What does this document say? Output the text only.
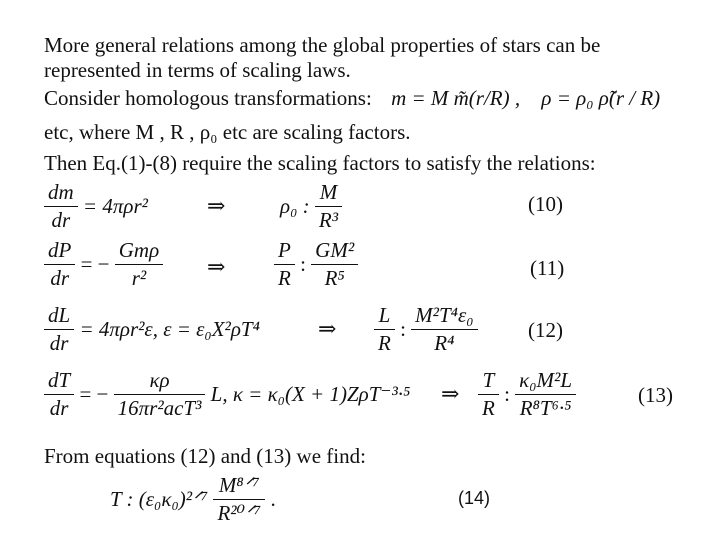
More general relations among the global properties of stars can be represented in terms of scaling laws.
Consider homologous transformations: m = M m̃(r/R) , ρ = ρ₀ ρ̃(r / R)
etc, where M , R , ρ₀ etc are scaling factors.
Then Eq.(1)-(8) require the scaling factors to satisfy the relations:
$\frac{dm}{dr} = 4\pi\rho r^2$	⇒	ρ₀ : $\frac{M}{\text{R³}}$	(10)
$\frac{dP}{dr}$ = − $\frac{\text{Gmρ}}{\text{r²}}$ ⇒ $\frac{P}{R}$ : $\frac{\text{GM²}}{\text{R⁵}}$	(11)
$\frac{dL}{dr} = 4\pi\rho r^2\varepsilon$, ε = ε₀X²ρT⁴	⇒ $\frac{L}{R}$ : $\frac{\text{M²T⁴ε₀}}{\text{R⁴}} (12)$
$\frac{dT}{dr}$ = − $\frac{\kappa\rho}{\text{16πr²acT³}} L$, κ = κ₀(X + 1)ZρT⁻³·⁵ ⇒ $\frac{T}{R}$ : $\frac{\text{κ₀M²L}}{\text{R⁸T⁶·⁵}}$	(13)
From equations (12) and (13) we find:
T : (ε₀κ₀)²ᐟ⁷ $\frac{\text{M⁸ᐟ⁷}}{\text{R²⁰ᐟ⁷}}$ .	(14)
